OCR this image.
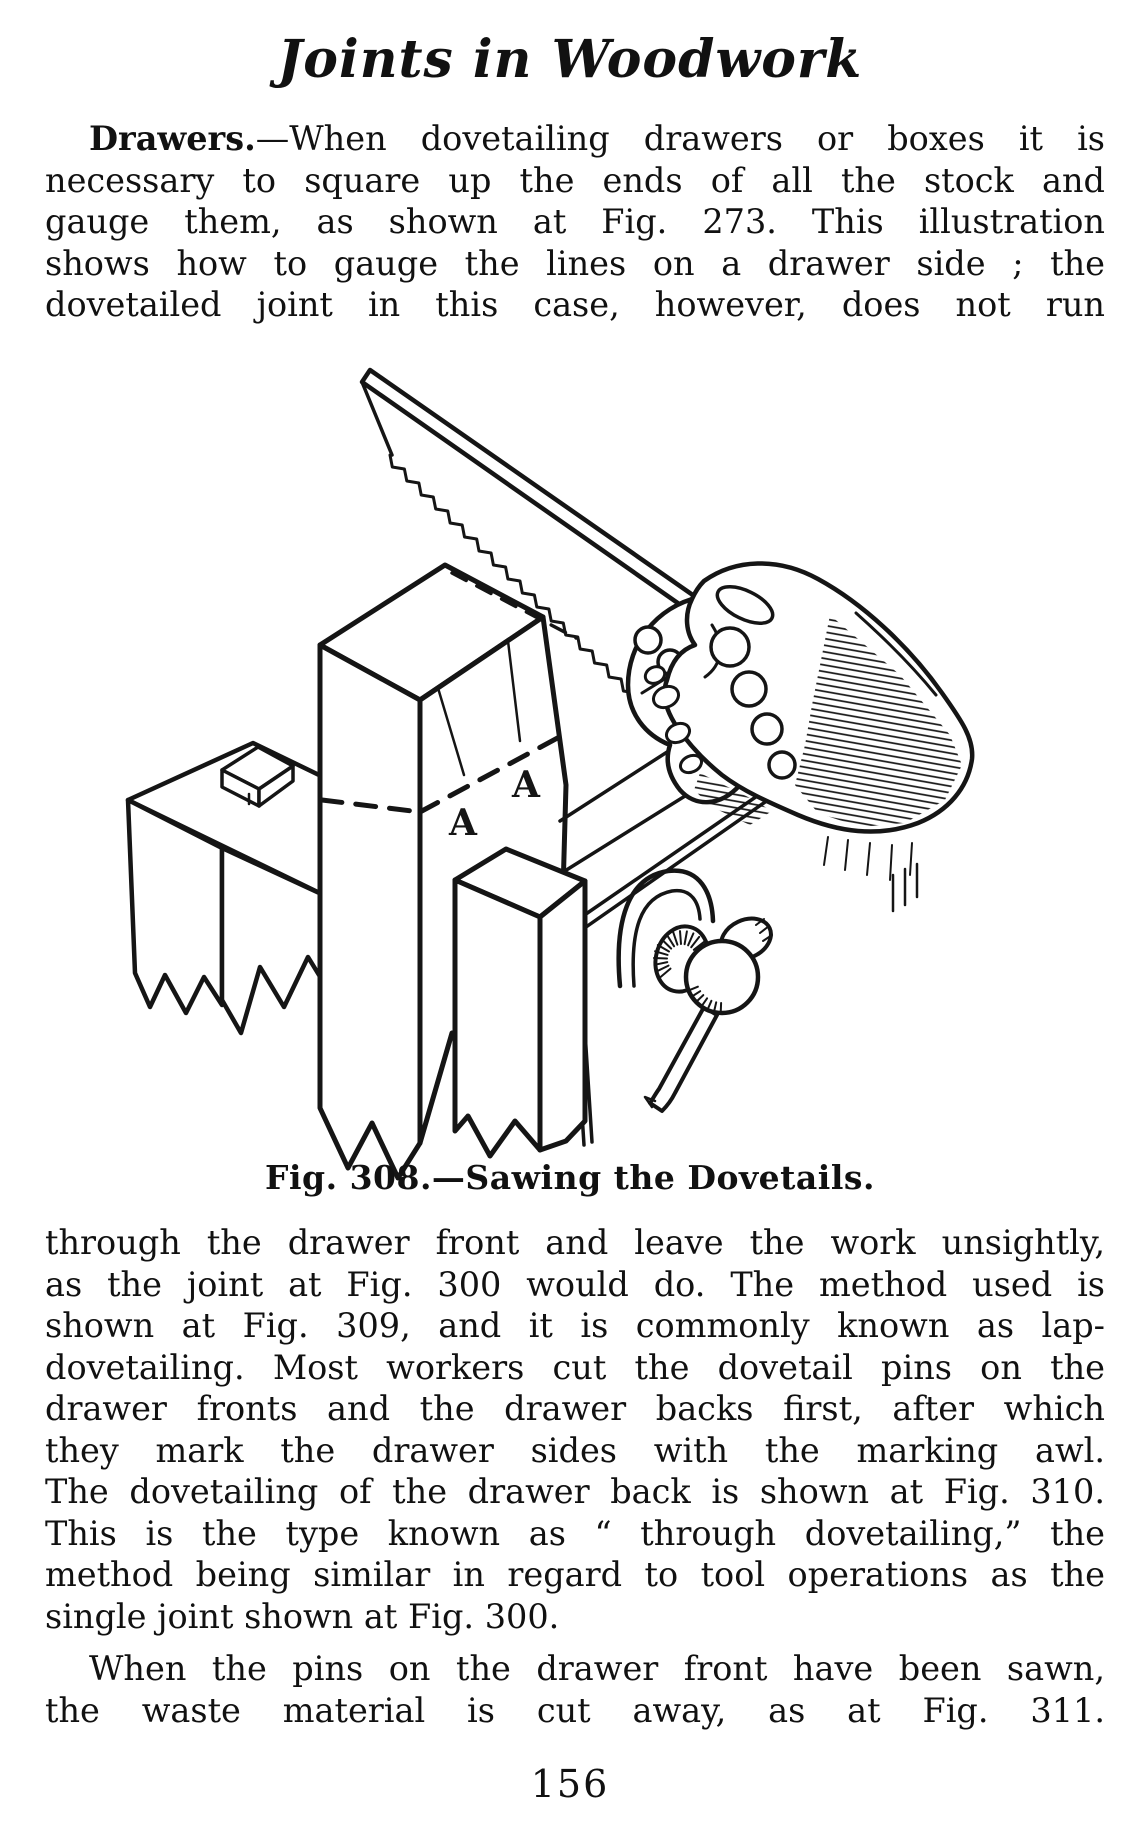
Joints in Woodwork
Drawers.—When dovetailing drawers or boxes it is
necessary to square up the ends of all the stock and
gauge them, as shown at Fig. 273. This illustration
shows how to gauge the lines on a drawer side ; the
dovetailed joint in this case, however, does not run
A
A
Fig. 308.—Sawing the Dovetails.
through the drawer front and leave the work unsightly,
as the joint at Fig. 300 would do. The method used is
shown at Fig. 309, and it is commonly known as lap-
dovetailing. Most workers cut the dovetail pins on the
drawer fronts and the drawer backs first, after which
they mark the drawer sides with the marking awl.
The dovetailing of the drawer back is shown at Fig. 310.
This is the type known as “ through dovetailing,” the
method being similar in regard to tool operations as the
single joint shown at Fig. 300.
When the pins on the drawer front have been sawn,
the waste material is cut away, as at Fig. 311.
156
